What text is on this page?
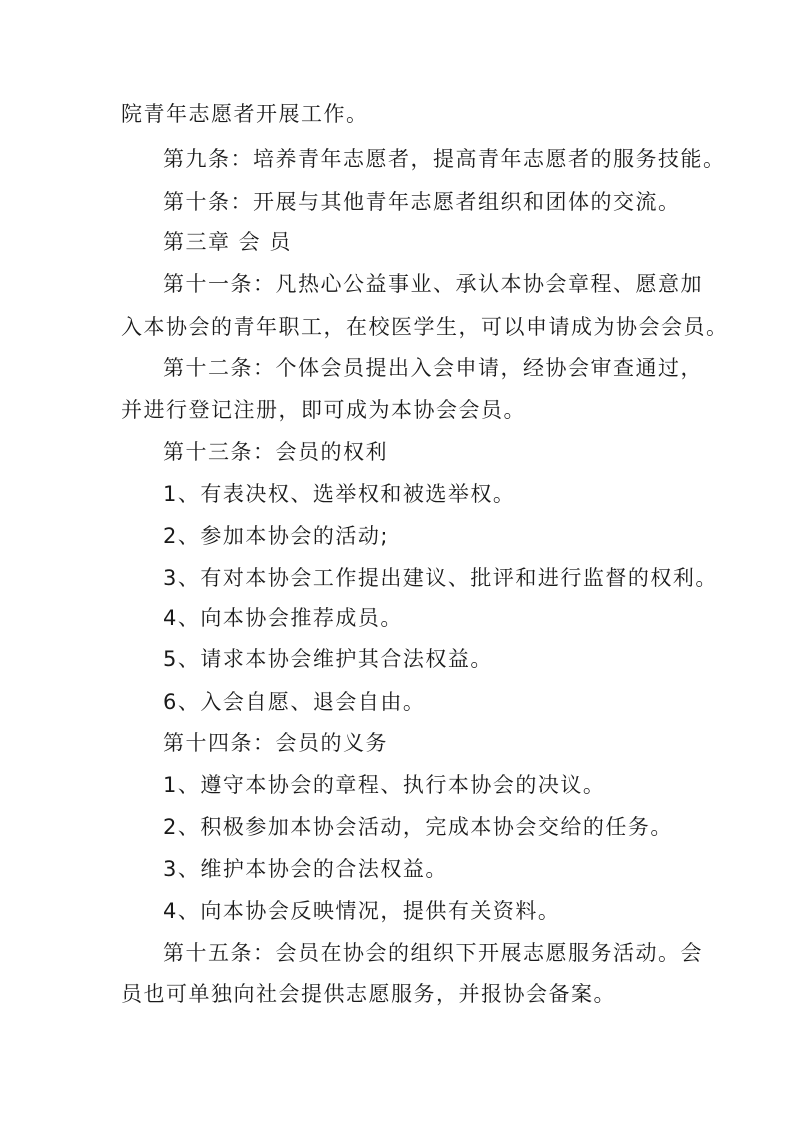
院青年志愿者开展工作。
第九条：培养青年志愿者，提高青年志愿者的服务技能。
第十条：开展与其他青年志愿者组织和团体的交流。
第三章 会 员
第十一条：凡热心公益事业、承认本协会章程、愿意加
入本协会的青年职工，在校医学生，可以申请成为协会会员。
第十二条：个体会员提出入会申请，经协会审查通过，
并进行登记注册，即可成为本协会会员。
第十三条：会员的权利
1、有表决权、选举权和被选举权。
2、参加本协会的活动;
3、有对本协会工作提出建议、批评和进行监督的权利。
4、向本协会推荐成员。
5、请求本协会维护其合法权益。
6、入会自愿、退会自由。
第十四条：会员的义务
1、遵守本协会的章程、执行本协会的决议。
2、积极参加本协会活动，完成本协会交给的任务。
3、维护本协会的合法权益。
4、向本协会反映情况，提供有关资料。
第十五条：会员在协会的组织下开展志愿服务活动。会
员也可单独向社会提供志愿服务，并报协会备案。
